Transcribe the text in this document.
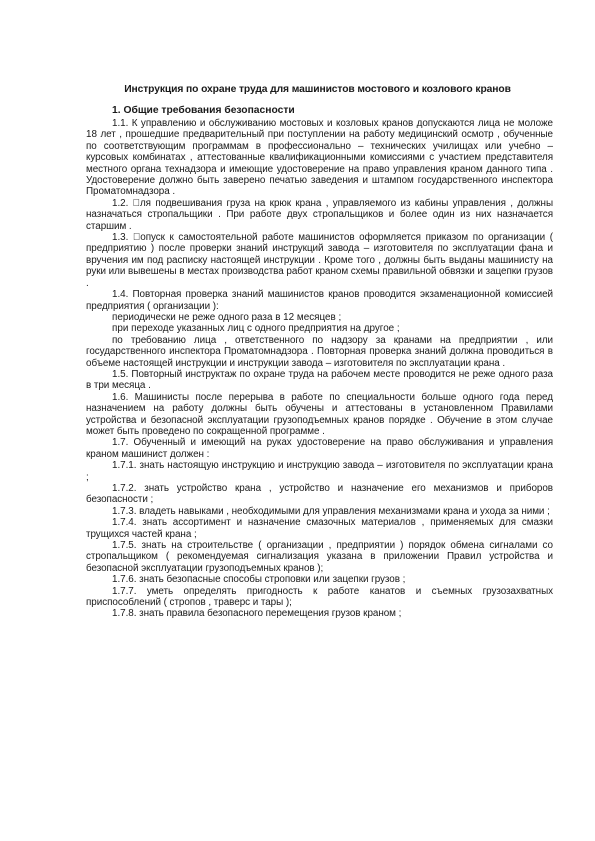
Инструкция по охране труда для машинистов мостового и козлового кранов
1. Общие требования безопасности

1.1. К управлению и обслуживанию мостовых и козловых кранов допускаются лица не моложе 18 лет , прошедшие предварительный при поступлении на работу медицинский осмотр , обученные по соответствующим программам в профессионально – технических училищах или учебно – курсовых комбинатах , аттестованные квалификационными комиссиями с участием представителя местного органа технадзора и имеющие удостоверение на право управления краном данного типа . Удостоверение должно быть заверено печатью заведения и штампом государственного инспектора Проматомнадзора .

1.2. ля подвешивания груза на крюк крана , управляемого из кабины управления , должны назначаться стропальщики . При работе двух стропальщиков и более один из них назначается старшим .

1.3. опуск к самостоятельной работе машинистов оформляется приказом по организации ( предприятию ) после проверки знаний инструкций завода – изготовителя по эксплуатации фана и вручения им под расписку настоящей инструкции . Кроме того , должны быть выданы машинисту на руки или вывешены в местах производства работ краном схемы правильной обвязки и зацепки грузов .

1.4. Повторная проверка знаний машинистов кранов проводится экзаменационной комиссией предприятия ( организации ):

периодически не реже одного раза в 12 месяцев ;

при переходе указанных лиц с одного предприятия на другое ;

по требованию лица , ответственного по надзору за кранами на предприятии , или государственного инспектора Проматомнадзора . Повторная проверка знаний должна проводиться в объеме настоящей инструкции и инструкции завода – изготовителя по эксплуатации крана .

1.5. Повторный инструктаж по охране труда на рабочем месте проводится не реже одного раза в три месяца .

1.6. Машинисты после перерыва в работе по специальности больше одного года перед назначением на работу должны быть обучены и аттестованы в установленном Правилами устройства и безопасной эксплуатации грузоподъемных кранов порядке . Обучение в этом случае может быть проведено по сокращенной программе .

1.7. Обученный и имеющий на руках удостоверение на право обслуживания и управления краном машинист должен :

1.7.1. знать настоящую инструкцию и инструкцию завода – изготовителя по эксплуатации крана ;

1.7.2. знать устройство крана , устройство и назначение его механизмов и приборов безопасности ;

1.7.3. владеть навыками , необходимыми для управления механизмами крана и ухода за ними ;

1.7.4. знать ассортимент и назначение смазочных материалов , применяемых для смазки трущихся частей крана ;

1.7.5. знать на строительстве ( организации , предприятии ) порядок обмена сигналами со стропальщиком ( рекомендуемая сигнализация указана в приложении Правил устройства и безопасной эксплуатации грузоподъемных кранов );

1.7.6. знать безопасные способы строповки или зацепки грузов ;

1.7.7. уметь определять пригодность к работе канатов и съемных грузозахватных приспособлений ( стропов , траверс и тары );

1.7.8. знать правила безопасного перемещения грузов краном ;
